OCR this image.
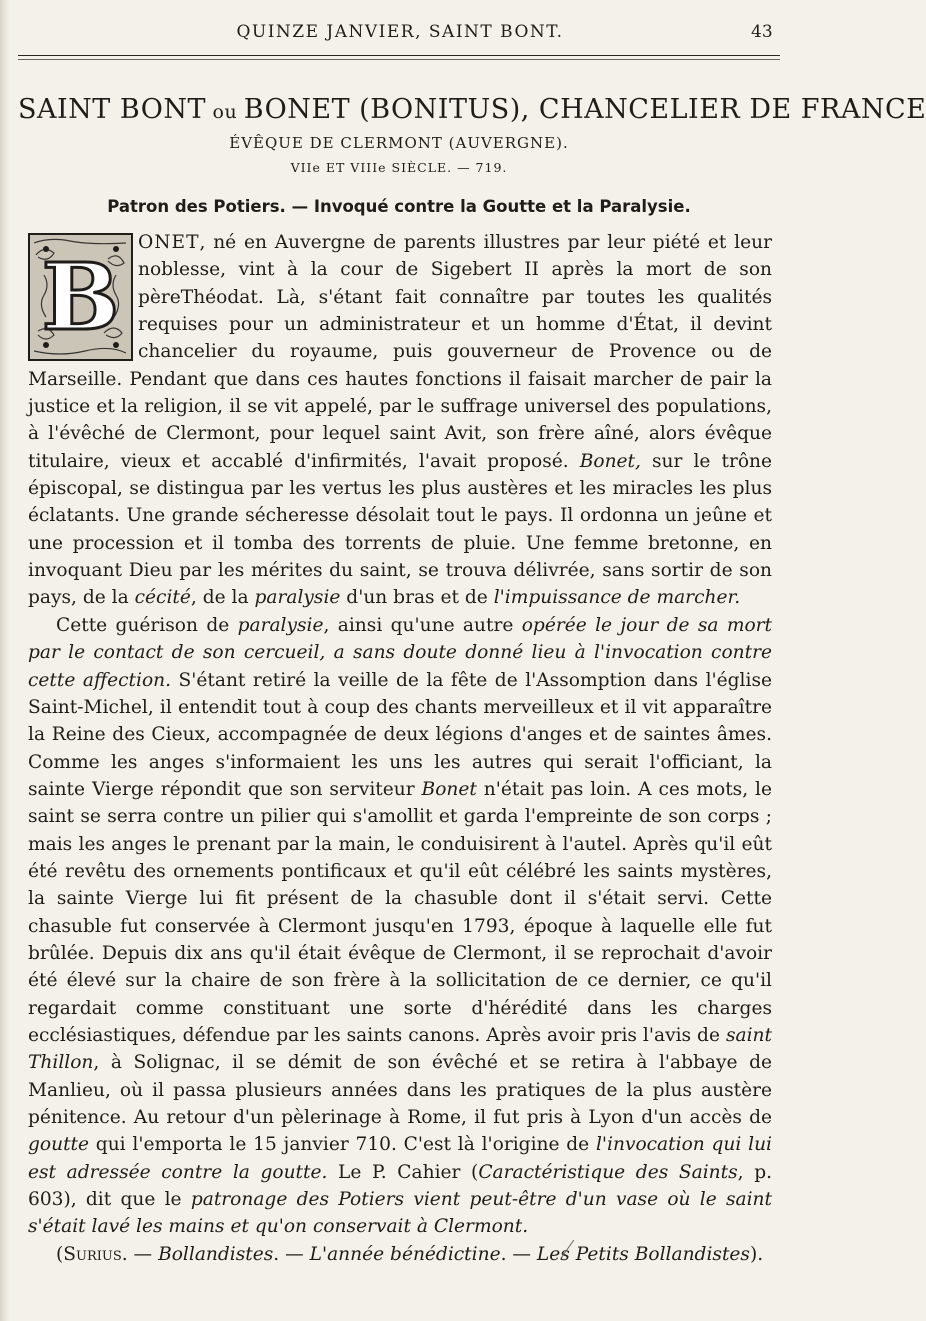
QUINZE JANVIER, SAINT BONT.	43
SAINT BONT ou BONET (BONITUS), CHANCELIER DE FRANCE
ÉVÊQUE DE CLERMONT (AUVERGNE).
VIIe ET VIIIe SIÈCLE. — 719.
Patron des Potiers. — Invoqué contre la Goutte et la Paralysie.
B

ONET, né en Auvergne de parents illustres par leur piété et leur noblesse, vint à la cour de Sigebert II après la mort de son pèreThéodat. Là, s'étant fait connaître par toutes les qualités requises pour un administrateur et un homme d'État, il devint chancelier du royaume, puis gouverneur de Provence ou de Marseille. Pendant que dans ces hautes fonctions il faisait marcher de pair la justice et la religion, il se vit appelé, par le suffrage universel des populations, à l'évêché de Clermont, pour lequel saint Avit, son frère aîné, alors évêque titulaire, vieux et accablé d'infirmités, l'avait proposé. Bonet, sur le trône épiscopal, se distingua par les vertus les plus austères et les miracles les plus éclatants. Une grande sécheresse désolait tout le pays. Il ordonna un jeûne et une procession et il tomba des torrents de pluie. Une femme bretonne, en invoquant Dieu par les mérites du saint, se trouva délivrée, sans sortir de son pays, de la cécité, de la paralysie d'un bras et de l'impuissance de marcher.

Cette guérison de paralysie, ainsi qu'une autre opérée le jour de sa mort par le contact de son cercueil, a sans doute donné lieu à l'invocation contre cette affection. S'étant retiré la veille de la fête de l'Assomption dans l'église Saint-Michel, il entendit tout à coup des chants merveilleux et il vit apparaître la Reine des Cieux, accompagnée de deux légions d'anges et de saintes âmes. Comme les anges s'informaient les uns les autres qui serait l'officiant, la sainte Vierge répondit que son serviteur Bonet n'était pas loin. A ces mots, le saint se serra contre un pilier qui s'amollit et garda l'empreinte de son corps ; mais les anges le prenant par la main, le conduisirent à l'autel. Après qu'il eût été revêtu des ornements pontificaux et qu'il eût célébré les saints mystères, la sainte Vierge lui fit présent de la chasuble dont il s'était servi. Cette chasuble fut conservée à Clermont jusqu'en 1793, époque à laquelle elle fut brûlée. Depuis dix ans qu'il était évêque de Clermont, il se reprochait d'avoir été élevé sur la chaire de son frère à la sollicitation de ce dernier, ce qu'il regardait comme constituant une sorte d'hérédité dans les charges ecclésiastiques, défendue par les saints canons. Après avoir pris l'avis de saint Thillon, à Solignac, il se démit de son évêché et se retira à l'abbaye de Manlieu, où il passa plusieurs années dans les pratiques de la plus austère pénitence. Au retour d'un pèlerinage à Rome, il fut pris à Lyon d'un accès de goutte qui l'emporta le 15 janvier 710. C'est là l'origine de l'invocation qui lui est adressée contre la goutte. Le P. Cahier (Caractéristique des Saints, p. 603), dit que le patronage des Potiers vient peut-être d'un vase où le saint s'était lavé les mains et qu'on conservait à Clermont.

(Surius. — Bollandistes. — L'année bénédictine. — Les Petits Bollandistes).
